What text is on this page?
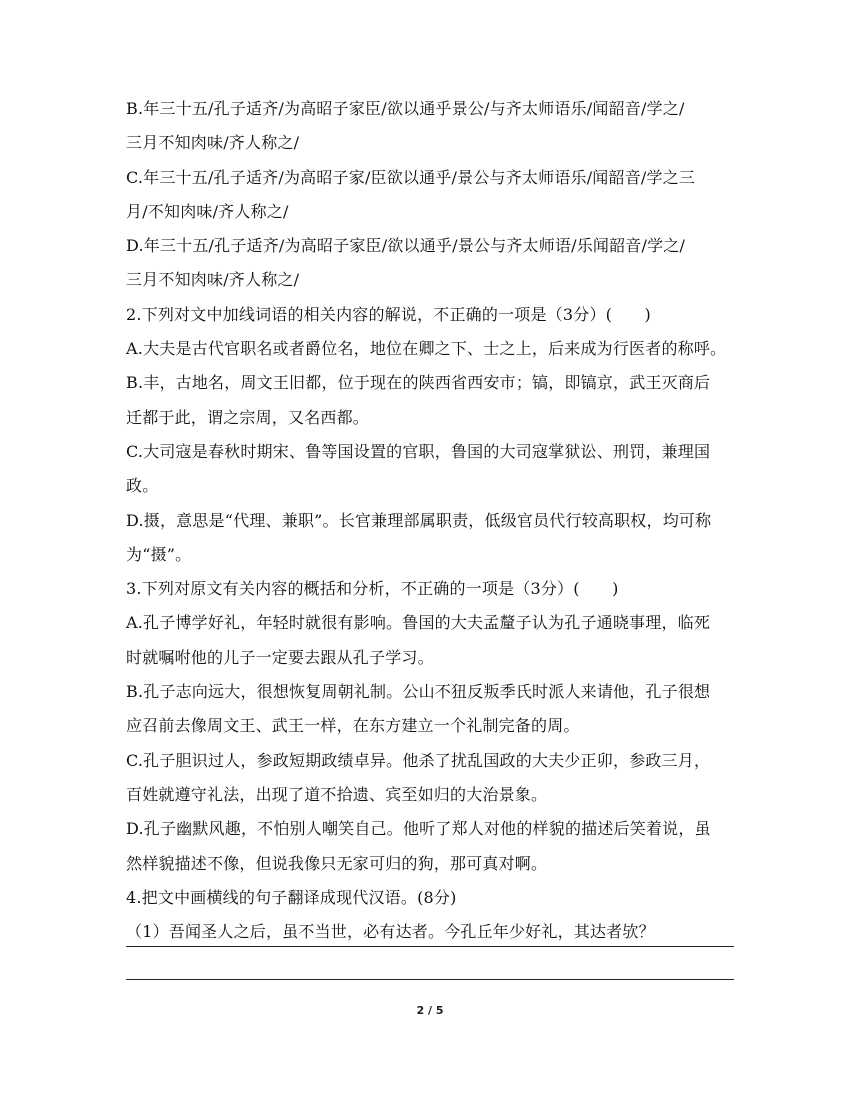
B.年三十五/孔子适齐/为高昭子家臣/欲以通乎景公/与齐太师语乐/闻韶音/学之/
三月不知肉味/齐人称之/
C.年三十五/孔子适齐/为高昭子家/臣欲以通乎/景公与齐太师语乐/闻韶音/学之三
月/不知肉味/齐人称之/
D.年三十五/孔子适齐/为高昭子家臣/欲以通乎/景公与齐太师语/乐闻韶音/学之/
三月不知肉味/齐人称之/
2.下列对文中加线词语的相关内容的解说，不正确的一项是（3分）(　　)
A.大夫是古代官职名或者爵位名，地位在卿之下、士之上，后来成为行医者的称呼。
B.丰，古地名，周文王旧都，位于现在的陕西省西安市；镐，即镐京，武王灭商后
迁都于此，谓之宗周，又名西都。
C.大司寇是春秋时期宋、鲁等国设置的官职，鲁国的大司寇掌狱讼、刑罚，兼理国
政。
D.摄，意思是“代理、兼职”。长官兼理部属职责，低级官员代行较高职权，均可称
为“摄”。
3.下列对原文有关内容的概括和分析，不正确的一项是（3分）(　　)
A.孔子博学好礼，年轻时就很有影响。鲁国的大夫孟釐子认为孔子通晓事理，临死
时就嘱咐他的儿子一定要去跟从孔子学习。
B.孔子志向远大，很想恢复周朝礼制。公山不狃反叛季氏时派人来请他，孔子很想
应召前去像周文王、武王一样，在东方建立一个礼制完备的周。
C.孔子胆识过人，参政短期政绩卓异。他杀了扰乱国政的大夫少正卯，参政三月，
百姓就遵守礼法，出现了道不拾遗、宾至如归的大治景象。
D.孔子幽默风趣，不怕别人嘲笑自己。他听了郑人对他的样貌的描述后笑着说，虽
然样貌描述不像，但说我像只无家可归的狗，那可真对啊。
4.把文中画横线的句子翻译成现代汉语。(8分)
（1）吾闻圣人之后，虽不当世，必有达者。今孔丘年少好礼，其达者欤？
2 / 5
